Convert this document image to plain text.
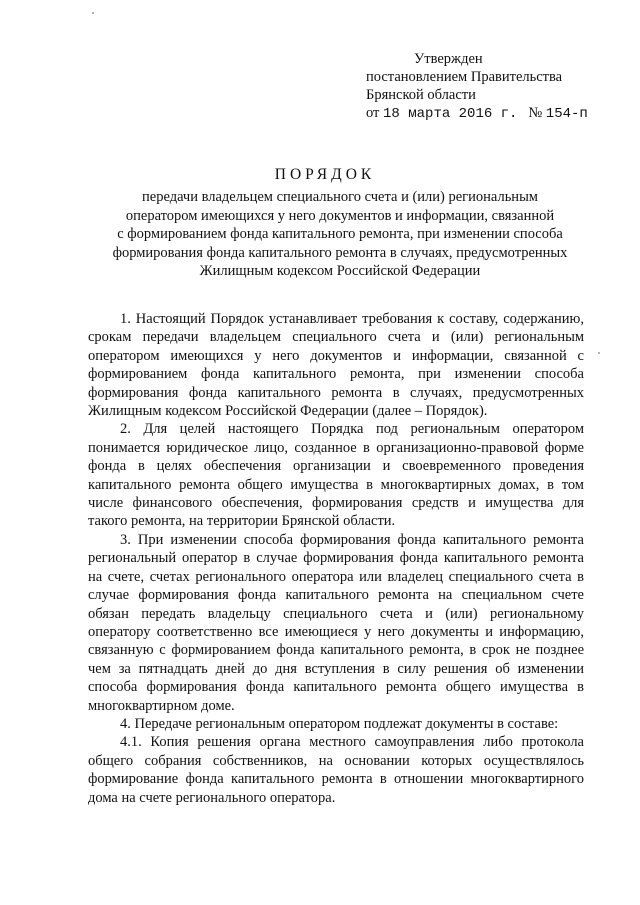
Утвержден
постановлением Правительства
Брянской области
от 18 марта 2016 г. № 154-п
ПОРЯДОК
передачи владельцем специального счета и (или) региональным
оператором имеющихся у него документов и информации, связанной
с формированием фонда капитального ремонта, при изменении способа
формирования фонда капитального ремонта в случаях, предусмотренных
Жилищным кодексом Российской Федерации

1. Настоящий Порядок устанавливает требования к составу, содержанию, срокам передачи владельцем специального счета и (или) региональным оператором имеющихся у него документов и информации, связанной с формированием фонда капитального ремонта, при изменении способа формирования фонда капитального ремонта в случаях, предусмотренных Жилищным кодексом Российской Федерации (далее – Порядок).

2. Для целей настоящего Порядка под региональным оператором понимается юридическое лицо, созданное в организационно-правовой форме фонда в целях обеспечения организации и своевременного проведения капитального ремонта общего имущества в многоквартирных домах, в том числе финансового обеспечения, формирования средств и имущества для такого ремонта, на территории Брянской области.

3. При изменении способа формирования фонда капитального ремонта региональный оператор в случае формирования фонда капитального ремонта на счете, счетах регионального оператора или владелец специального счета в случае формирования фонда капитального ремонта на специальном счете обязан передать владельцу специального счета и (или) региональному оператору соответственно все имеющиеся у него документы и информацию, связанную с формированием фонда капитального ремонта, в срок не позднее чем за пятнадцать дней до дня вступления в силу решения об изменении способа формирования фонда капитального ремонта общего имущества в многоквартирном доме.

4. Передаче региональным оператором подлежат документы в составе:

4.1. Копия решения органа местного самоуправления либо протокола общего собрания собственников, на основании которых осуществлялось формирование фонда капитального ремонта в отношении многоквартирного дома на счете регионального оператора.
